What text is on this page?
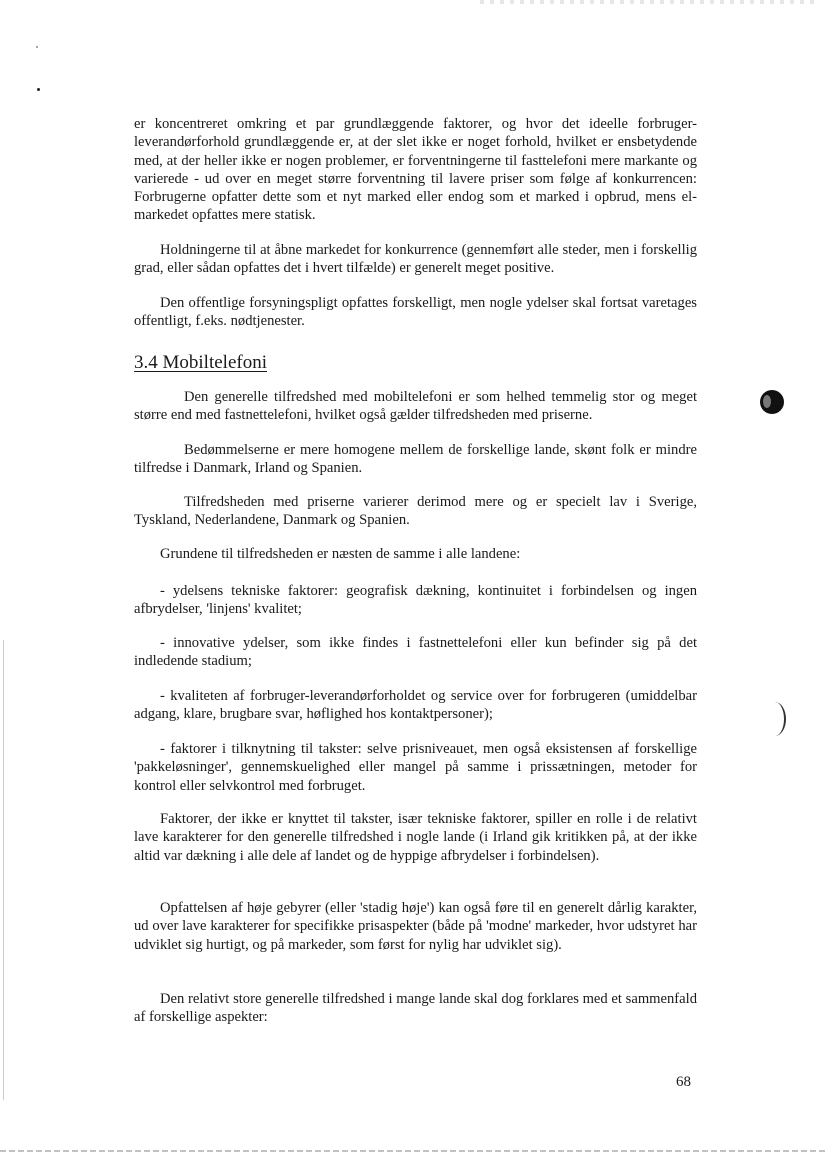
er koncentreret omkring et par grundlæggende faktorer, og hvor det ideelle forbruger-leverandørforhold grundlæggende er, at der slet ikke er noget forhold, hvilket er ensbetydende med, at der heller ikke er nogen problemer, er forventningerne til fasttelefoni mere markante og varierede - ud over en meget større forventning til lavere priser som følge af konkurrencen: Forbrugerne opfatter dette som et nyt marked eller endog som et marked i opbrud, mens el-markedet opfattes mere statisk.

Holdningerne til at åbne markedet for konkurrence (gennemført alle steder, men i forskellig grad, eller sådan opfattes det i hvert tilfælde) er generelt meget positive.

Den offentlige forsyningspligt opfattes forskelligt, men nogle ydelser skal fortsat varetages offentligt, f.eks. nødtjenester.

3.4 Mobiltelefoni

Den generelle tilfredshed med mobiltelefoni er som helhed temmelig stor og meget større end med fastnettelefoni, hvilket også gælder tilfredsheden med priserne.

Bedømmelserne er mere homogene mellem de forskellige lande, skønt folk er mindre tilfredse i Danmark, Irland og Spanien.

Tilfredsheden med priserne varierer derimod mere og er specielt lav i Sverige, Tyskland, Nederlandene, Danmark og Spanien.

Grundene til tilfredsheden er næsten de samme i alle landene:

- ydelsens tekniske faktorer: geografisk dækning, kontinuitet i forbindelsen og ingen afbrydelser, 'linjens' kvalitet;

- innovative ydelser, som ikke findes i fastnettelefoni eller kun befinder sig på det indledende stadium;

- kvaliteten af forbruger-leverandørforholdet og service over for forbrugeren (umiddelbar adgang, klare, brugbare svar, høflighed hos kontaktpersoner);

- faktorer i tilknytning til takster: selve prisniveauet, men også eksistensen af forskellige 'pakkeløsninger', gennemskuelighed eller mangel på samme i prissætningen, metoder for kontrol eller selvkontrol med forbruget.

Faktorer, der ikke er knyttet til takster, især tekniske faktorer, spiller en rolle i de relativt lave karakterer for den generelle tilfredshed i nogle lande (i Irland gik kritikken på, at der ikke altid var dækning i alle dele af landet og de hyppige afbrydelser i forbindelsen).

Opfattelsen af høje gebyrer (eller 'stadig høje') kan også føre til en generelt dårlig karakter, ud over lave karakterer for specifikke prisaspekter (både på 'modne' markeder, hvor udstyret har udviklet sig hurtigt, og på markeder, som først for nylig har udviklet sig).

Den relativt store generelle tilfredshed i mange lande skal dog forklares med et sammenfald af forskellige aspekter:

68
